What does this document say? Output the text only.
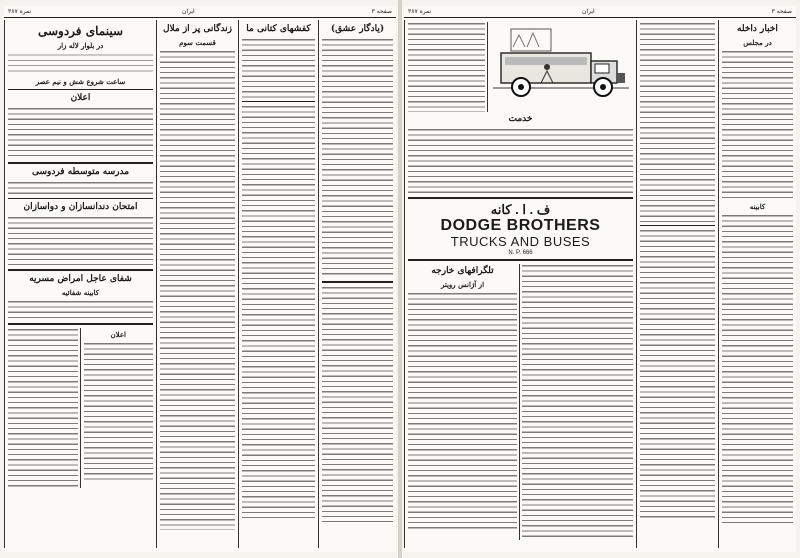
نمره ۳۸۷	ایران	صفحه ۳
سینمای فردوسی
در بلوار لاله زار
ساعت شروع شش و نیم عصر
اعلان
مدرسه متوسطه فردوسی
امتحان دندانسازان و دواسازان
شفای عاجل امراض مسریه
کابینه شفائیه
اعلان
زندگانی پر از ملال
قسمت سوم
کفشهای کتانی ما	(یادگار عشق)
نمره ۳۸۷	ایران	صفحه ۳
خدمت
ف . ا . کانه
DODGE BROTHERS
TRUCKS AND BUSES
N. P. 666
تلگرافهای خارجه
از آژانس رویتر
اخبار داخله
در مجلس
کابینه
